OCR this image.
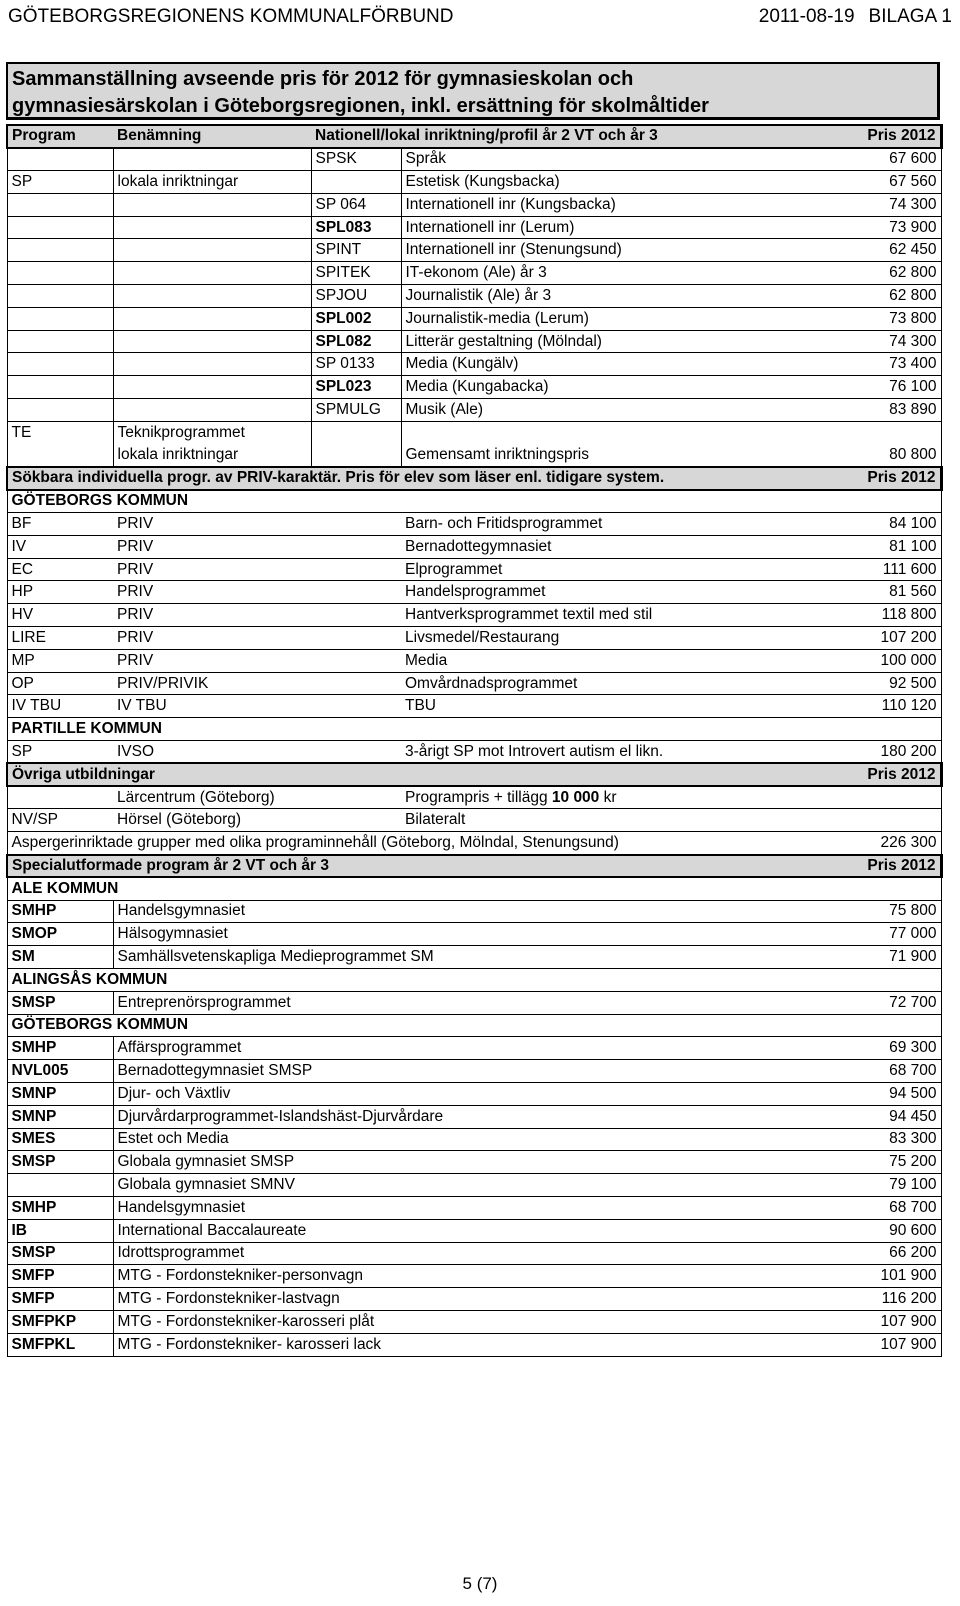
GÖTEBORGSREGIONENS KOMMUNALFÖRBUND	2011-08-19 BILAGA 1
Sammanställning avseende pris för 2012 för gymnasieskolan och
gymnasiesärskolan i Göteborgsregionen, inkl. ersättning för skolmåltider
Program	Benämning	Nationell/lokal inriktning/profil år 2 VT och år 3		Pris 2012
		SPSK	Språk	67 600
SP	lokala inriktningar		Estetisk (Kungsbacka)	67 560
		SP 064	Internationell inr (Kungsbacka)	74 300
		SPL083	Internationell inr (Lerum)	73 900
		SPINT	Internationell inr (Stenungsund)	62 450
		SPITEK	IT-ekonom (Ale) år 3	62 800
		SPJOU	Journalistik (Ale) år 3	62 800
		SPL002	Journalistik-media (Lerum)	73 800
		SPL082	Litterär gestaltning (Mölndal)	74 300
		SP 0133	Media (Kungälv)	73 400
		SPL023	Media (Kungabacka)	76 100
		SPMULG	Musik (Ale)	83 890
TE	Teknikprogrammet			
	lokala inriktningar		Gemensamt inriktningspris	80 800
Sökbara individuella progr. av PRIV-karaktär. Pris för elev som läser enl. tidigare system.				Pris 2012
GÖTEBORGS KOMMUN				
BF	PRIV		Barn- och Fritidsprogrammet	84 100
IV	PRIV		Bernadottegymnasiet	81 100
EC	PRIV		Elprogrammet	111 600
HP	PRIV		Handelsprogrammet	81 560
HV	PRIV		Hantverksprogrammet textil med stil	118 800
LIRE	PRIV		Livsmedel/Restaurang	107 200
MP	PRIV		Media	100 000
OP	PRIV/PRIVIK		Omvårdnadsprogrammet	92 500
IV TBU	IV TBU		TBU	110 120
PARTILLE KOMMUN				
SP	IVSO		3-årigt SP mot Introvert autism el likn.	180 200
Övriga utbildningar				Pris 2012
	Lärcentrum (Göteborg)		Programpris + tillägg 10 000 kr	
NV/SP	Hörsel (Göteborg)		Bilateralt	
Aspergerinriktade grupper med olika programinnehåll (Göteborg, Mölndal, Stenungsund)				226 300
Specialutformade program år 2 VT och år 3				Pris 2012
ALE KOMMUN				
SMHP	Handelsgymnasiet			75 800
SMOP	Hälsogymnasiet			77 000
SM	Samhällsvetenskapliga Medieprogrammet SM			71 900
ALINGSÅS KOMMUN				
SMSP	Entreprenörsprogrammet			72 700
GÖTEBORGS KOMMUN				
SMHP	Affärsprogrammet			69 300
NVL005	Bernadottegymnasiet SMSP			68 700
SMNP	Djur- och Växtliv			94 500
SMNP	Djurvårdarprogrammet-Islandshäst-Djurvårdare			94 450
SMES	Estet och Media			83 300
SMSP	Globala gymnasiet SMSP			75 200
	Globala gymnasiet SMNV			79 100
SMHP	Handelsgymnasiet			68 700
IB	International Baccalaureate			90 600
SMSP	Idrottsprogrammet			66 200
SMFP	MTG - Fordonstekniker-personvagn			101 900
SMFP	MTG - Fordonstekniker-lastvagn			116 200
SMFPKP	MTG - Fordonstekniker-karosseri plåt			107 900
SMFPKL	MTG - Fordonstekniker- karosseri lack			107 900
5 (7)
